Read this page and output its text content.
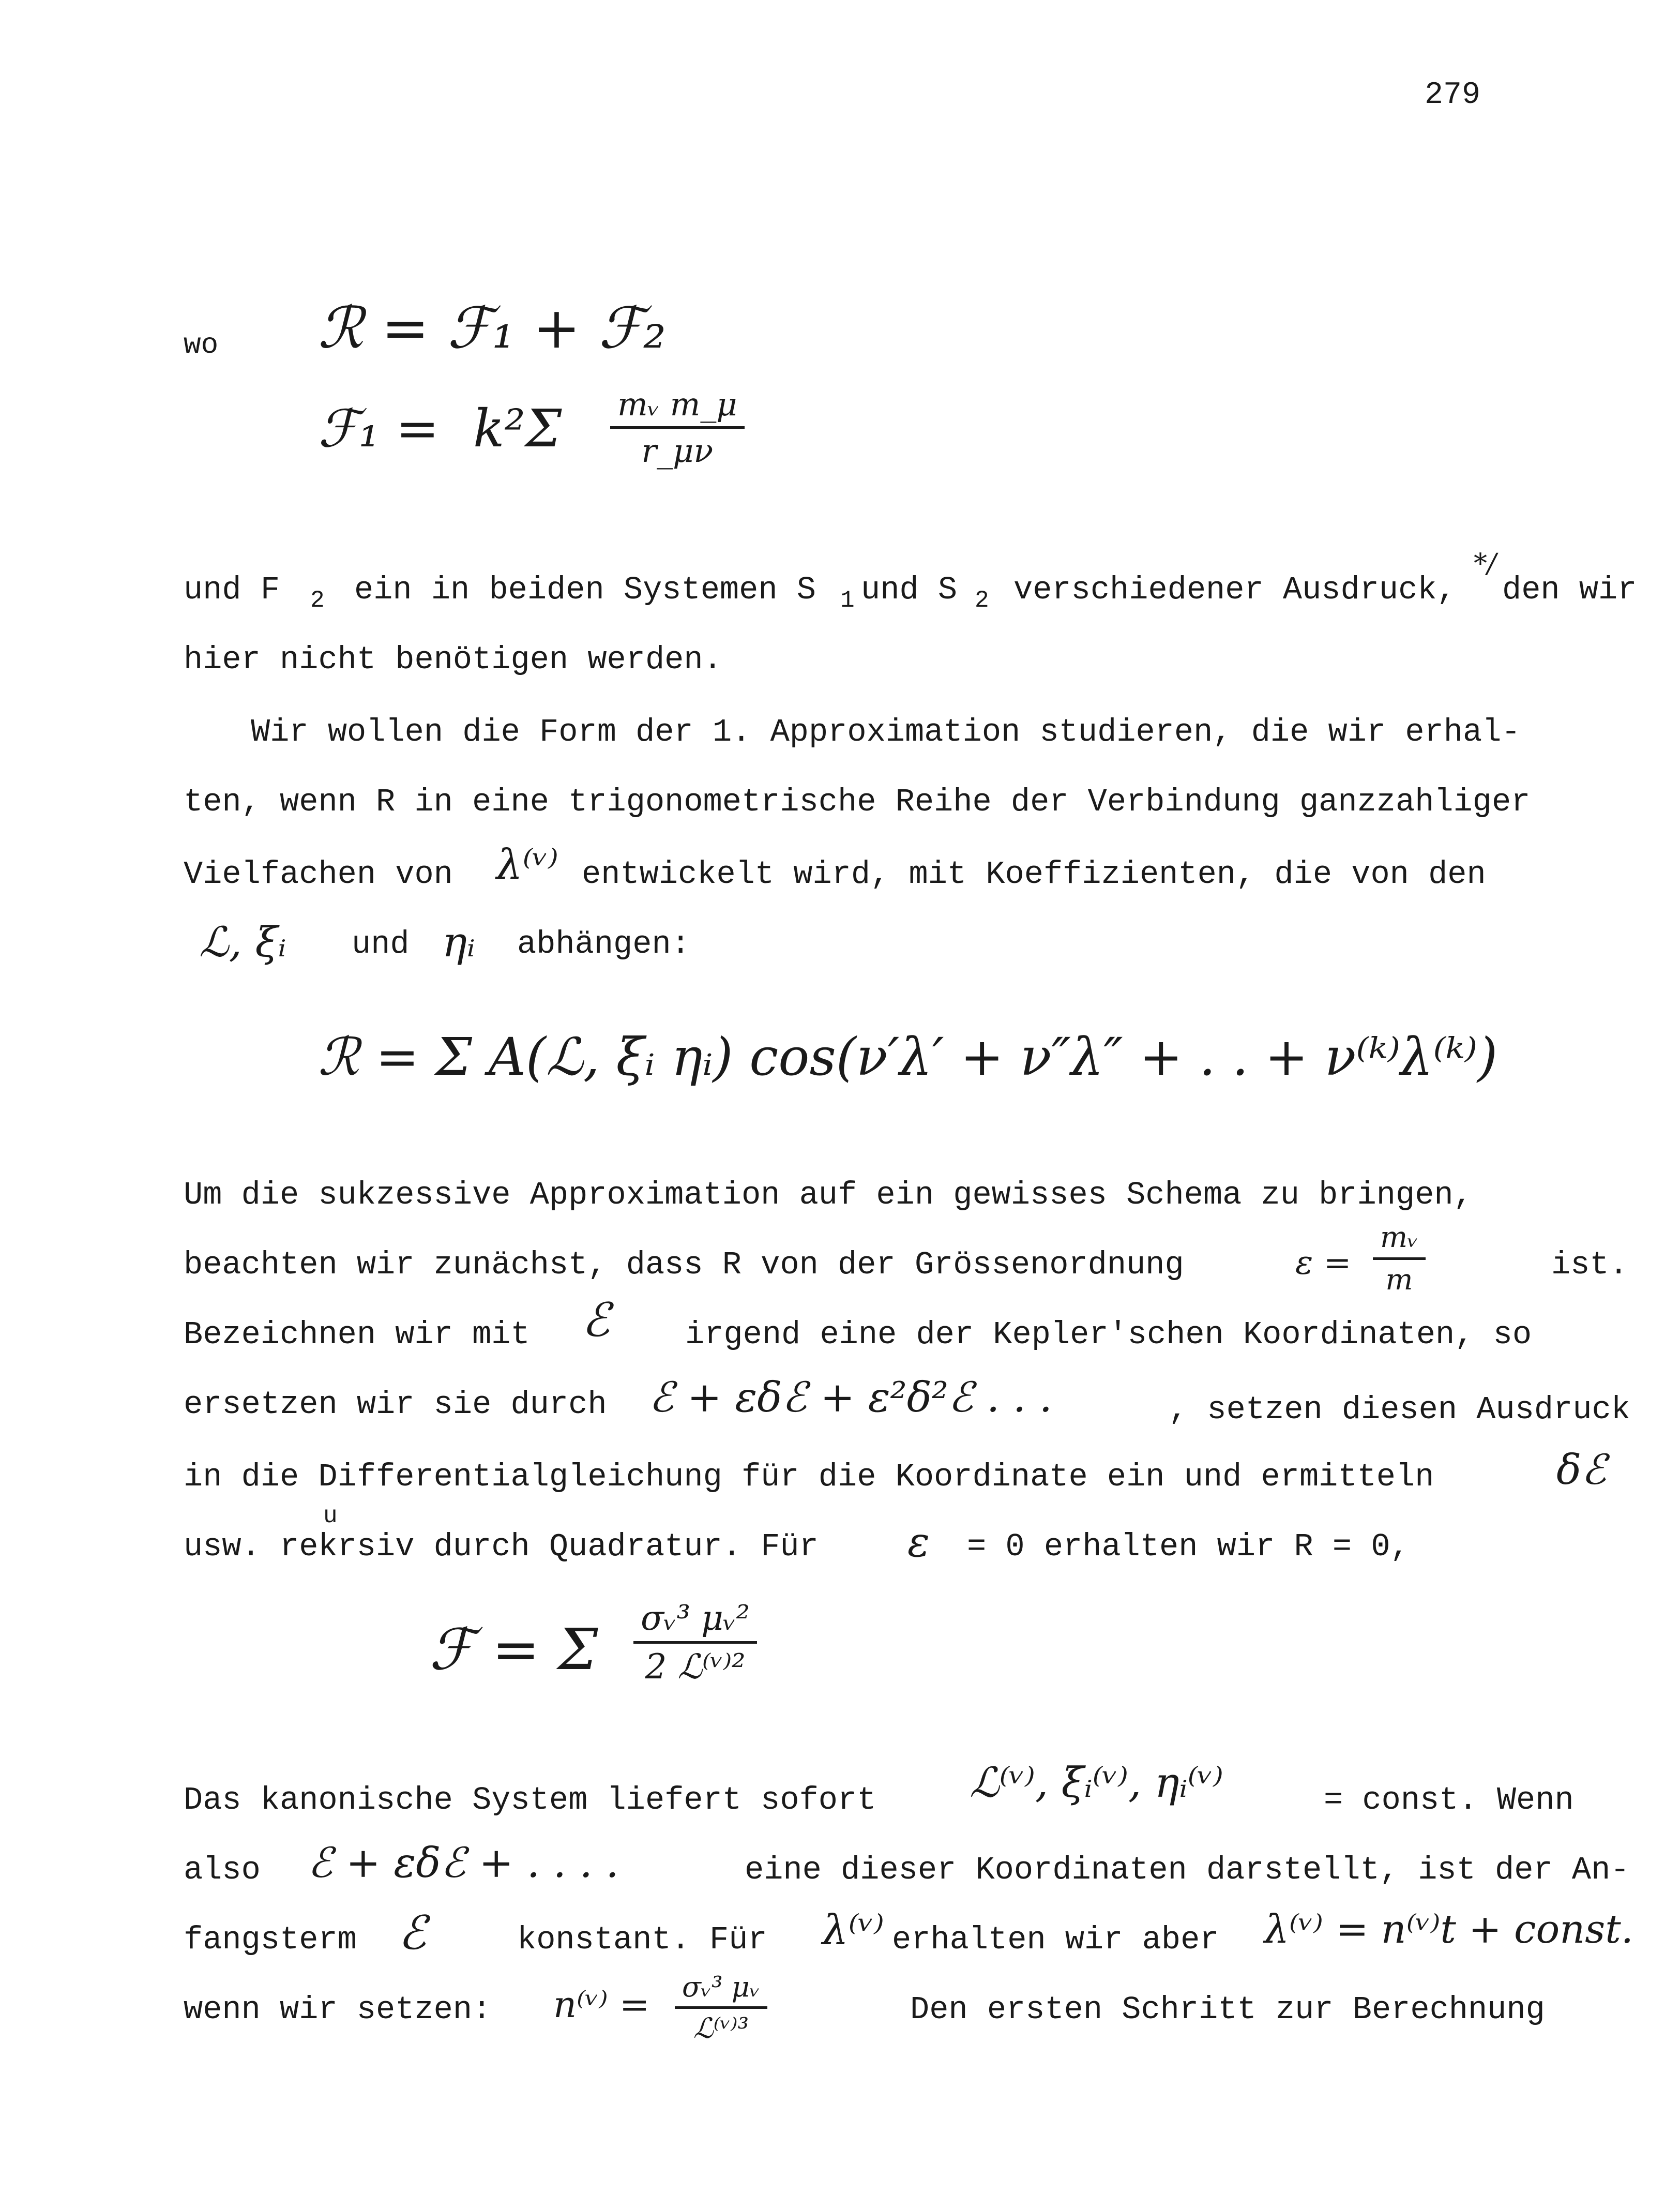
279
wo ℛ = ℱ₁ + ℱ₂
ℱ₁ = $k^2\Sigma \frac{\text{mᵥ m\_μ}}{r\_\mu\nu}$
und F 2 ein in beiden Systemen S 1 und S 2 verschiedener Ausdruck,
*/
den wir
hier nicht benötigen werden.
Wir wollen die Form der 1. Approximation studieren, die wir erhal-
ten, wenn R in eine trigonometrische Reihe der Verbindung ganzzahliger
Vielfachen von λ⁽ᵛ⁾ entwickelt wird, mit Koeffizienten, die von den
ℒ, ξᵢ und ηᵢ abhängen:
ℛ = Σ A(ℒ, ξᵢ ηᵢ) cos(ν′λ′ + ν″λ″ + . . + ν⁽ᵏ⁾λ⁽ᵏ⁾)
Um die sukzessive Approximation auf ein gewisses Schema zu bringen,
beachten wir zunächst, dass R von der Grössenordnung	$\varepsilon = \frac{\text{mᵥ}}{m}$	ist.
Bezeichnen wir mit ℰ irgend eine der Kepler'schen Koordinaten, so
ersetzen wir sie durch ℰ + εδℰ + ε²δ²ℰ . . .	, setzen diesen Ausdruck
in die Differentialgleichung für die Koordinate ein und ermitteln	δℰ
u
usw. rekrsiv durch Quadratur. Für ε = 0 erhalten wir R = 0,
ℱ = Σ σᵥ³ μᵥ²
2 ℒ⁽ᵛ⁾²
Das kanonische System liefert sofort ℒ⁽ᵛ⁾, ξᵢ⁽ᵛ⁾, ηᵢ⁽ᵛ⁾	= const. Wenn
also ℰ + εδℰ + . . . .	eine dieser Koordinaten darstellt, ist der An-
fangsterm ℰ	konstant. Für λ⁽ᵛ⁾ erhalten wir aber λ⁽ᵛ⁾ = n⁽ᵛ⁾t + const.
wenn wir setzen: n⁽ᵛ⁾ = σᵥ³ μᵥ
ℒ⁽ᵛ⁾³
Den ersten Schritt zur Berechnung
